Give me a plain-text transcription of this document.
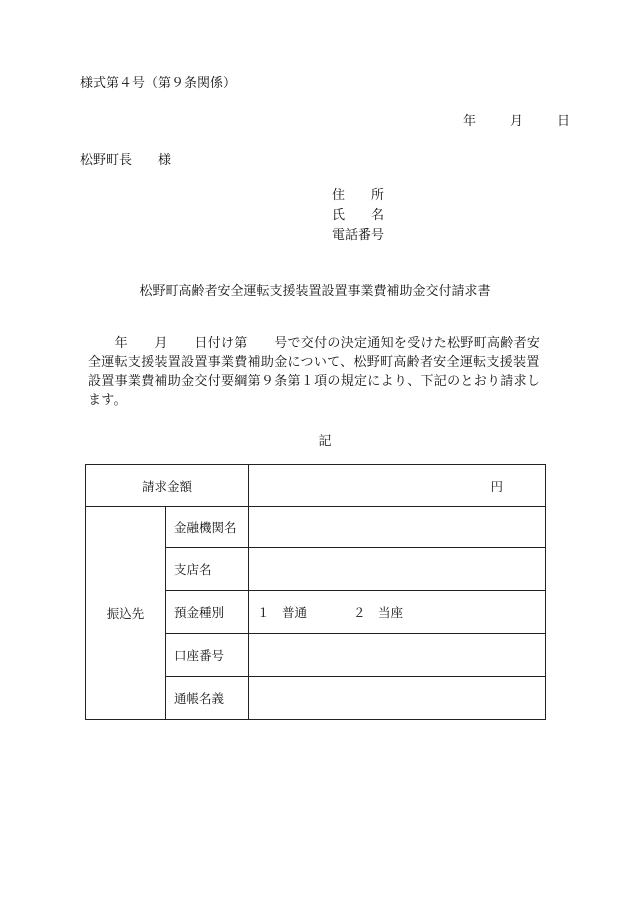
様式第４号（第９条関係）
年	月	日
松野町長　　様
住　　所
氏　　名
電話番号
松野町高齢者安全運転支援装置設置事業費補助金交付請求書
　　年　　月　　日付け第　　号で交付の決定通知を受けた松野町高齢者安全運転支援装置設置事業費補助金について、松野町高齢者安全運転支援装置設置事業費補助金交付要綱第９条第１項の規定により、下記のとおり請求します。
記
請求金額		円
振込先	金融機関名	
	支店名	
	預金種別	１　普通 ２　当座
	口座番号	
	通帳名義	
